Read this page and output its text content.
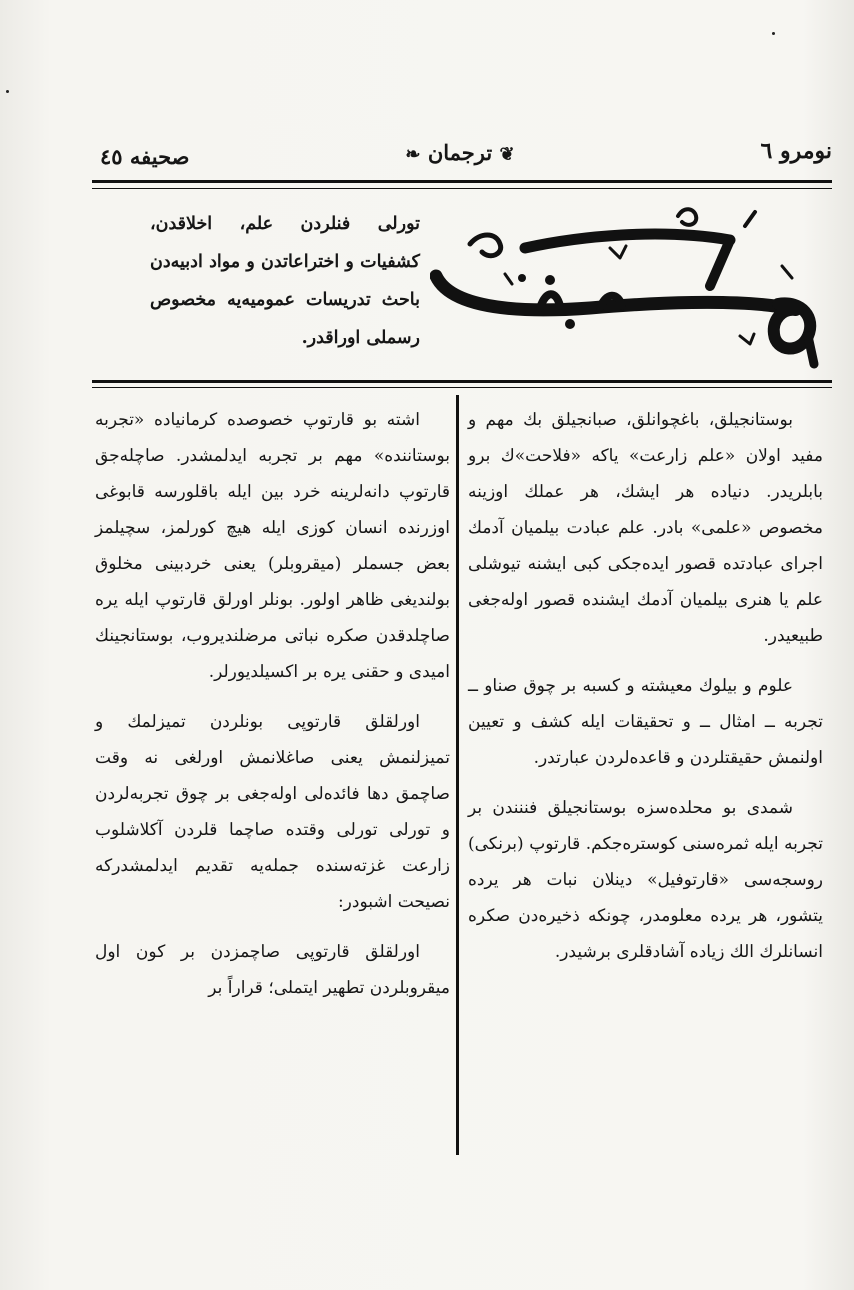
نومرو ٦
❦ ترجمان ❧
صحيفه ٤٥
تورلى فنلردن علم، اخلاقدن، كشفيات و اختراعاتدن و مواد ادبيه‌دن باحث تدريسات عموميه‌يه مخصوص رسملى اوراقدر.

بوستانجيلق، باغچوانلق، صبانجيلق بك مهم و مفيد اولان «علم زارعت» ياكه «فلاحت»ك برو بابلريدر. دنياده هر ايشك، هر عملك اوزينه مخصوص «علمى» بادر. علم عبادت بيلميان آدمك اجراى عبادتده قصور ايده‌جكى كبى ايشنه تيوشلى علم يا هنرى بيلميان آدمك ايشنده قصور اوله‌جغى طبيعيدر.

علوم و بيلوك معيشته و كسبه بر چوق صناو ــ تجربه ــ امثال ــ و تحقيقات ايله كشف و تعيين اولنمش حقيقتلردن و قاعده‌لردن عبارتدر.

شمدى بو محلده‌سزه بوستانجيلق فننندن بر تجربه ايله ثمره‌سنى كوستره‌جكم. قارتوپ (برنكى) روسجه‌سى «قارتوفيل» دينلان نبات هر يرده يتشور، هر يرده معلومدر، چونكه ذخيره‌دن صكره انسانلرك الك زياده آشادقلرى برشيدر.

اشته بو قارتوپ خصوصده كرمانياده «تجربه بوستاننده» مهم بر تجربه ايدلمشدر. صاچله‌جق قارتوپ دانه‌لرينه خرد بين ايله باقلورسه قابوغى اوزرنده انسان كوزى ايله هيچ كورلمز، سچيلمز بعض جسملر (ميقروبلر) يعنى خردبينى مخلوق بولنديغى ظاهر اولور. بونلر اورلق قارتوپ ايله يره صاچلدقدن صكره نباتى مرضلنديروب، بوستانجينك اميدى و حقنى يره بر اكسيلديورلر.

اورلقلق قارتوپى بونلردن تميزلمك و تميزلنمش يعنى صاغلانمش اورلغى نه وقت صاچمق دها فائده‌لى اوله‌جغى بر چوق تجربه‌لردن و تورلى تورلى وقتده صاچما قلردن آكلاشلوب زارعت غزته‌سنده جمله‌يه تقديم ايدلمشدركه نصيحت اشبودر:

اورلقلق قارتوپى صاچمزدن بر كون اول ميقروبلردن تطهير ايتملى؛ قراراً بر
